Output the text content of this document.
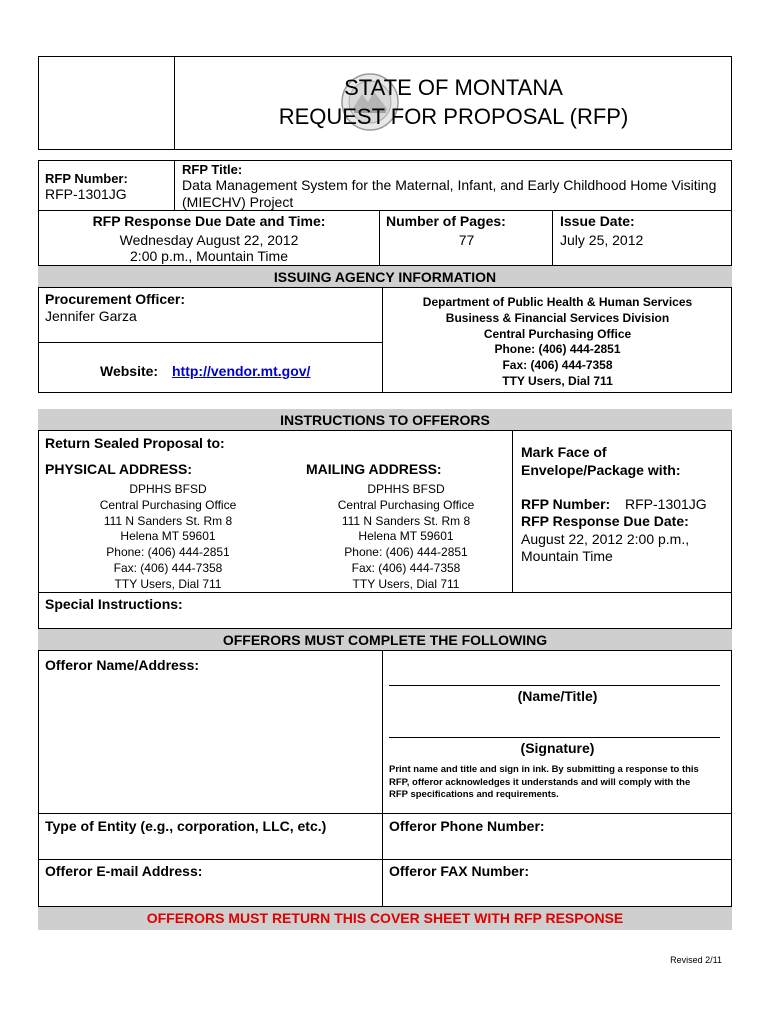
STATE OF MONTANA
REQUEST FOR PROPOSAL (RFP)
RFP Number:
RFP-1301JG
RFP Title:
Data Management System for the Maternal, Infant, and Early Childhood Home Visiting (MIECHV) Project
RFP Response Due Date and Time:
Wednesday August 22, 2012
2:00 p.m., Mountain Time
Number of Pages:
77
Issue Date:
July 25, 2012
ISSUING AGENCY INFORMATION
Procurement Officer:
Jennifer Garza
Website: http://vendor.mt.gov/
Department of Public Health & Human Services
Business & Financial Services Division
Central Purchasing Office
Phone: (406) 444-2851
Fax: (406) 444-7358
TTY Users, Dial 711
INSTRUCTIONS TO OFFERORS
Return Sealed Proposal to:
PHYSICAL ADDRESS:	MAILING ADDRESS:
DPHHS BFSD
Central Purchasing Office
111 N Sanders St. Rm 8
Helena MT 59601
Phone: (406) 444-2851
Fax: (406) 444-7358
TTY Users, Dial 711
DPHHS BFSD
Central Purchasing Office
111 N Sanders St. Rm 8
Helena MT 59601
Phone: (406) 444-2851
Fax: (406) 444-7358
TTY Users, Dial 711
Mark Face of
Envelope/Package with:
RFP Number: RFP-1301JG
RFP Response Due Date:
August 22, 2012 2:00 p.m.,
Mountain Time
Special Instructions:
OFFERORS MUST COMPLETE THE FOLLOWING
Offeror Name/Address:
(Name/Title)
(Signature)
Print name and title and sign in ink. By submitting a response to this RFP, offeror acknowledges it understands and will comply with the RFP specifications and requirements.
Type of Entity (e.g., corporation, LLC, etc.)	Offeror Phone Number:
Offeror E-mail Address:	Offeror FAX Number:
OFFERORS MUST RETURN THIS COVER SHEET WITH RFP RESPONSE
Revised 2/11
